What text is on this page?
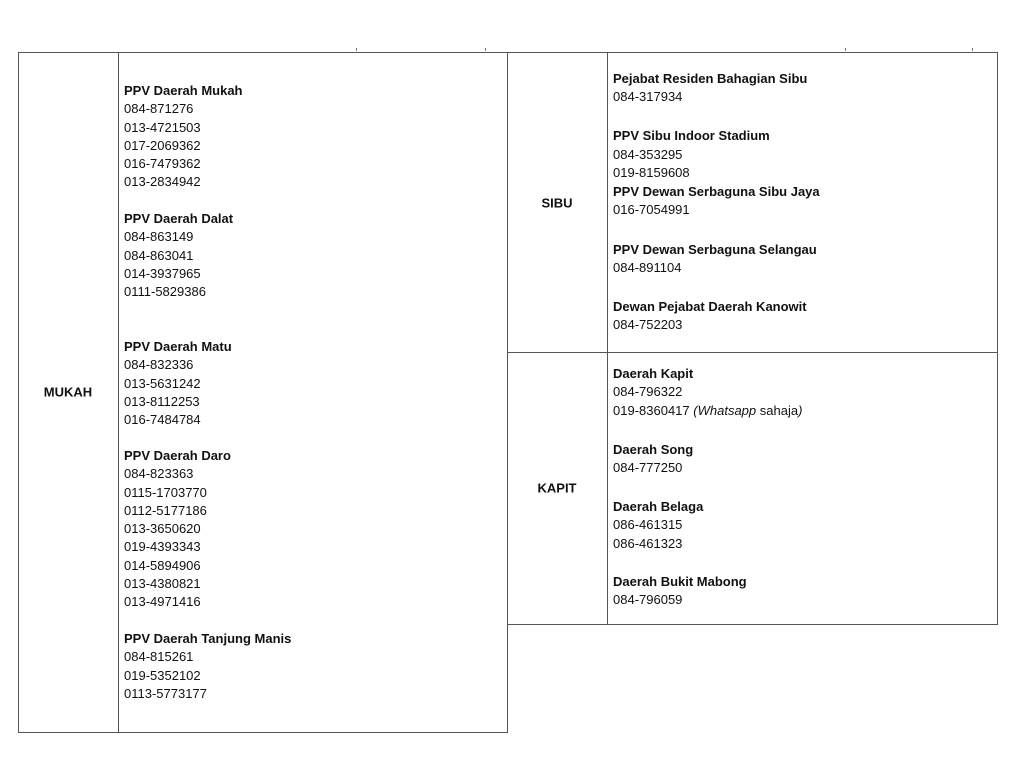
MUKAH
PPV Daerah Mukah
084-871276
013-4721503
017-2069362
016-7479362
013-2834942
PPV Daerah Dalat
084-863149
084-863041
014-3937965
0111-5829386
PPV Daerah Matu
084-832336
013-5631242
013-8112253
016-7484784
PPV Daerah Daro
084-823363
0115-1703770
0112-5177186
013-3650620
019-4393343
014-5894906
013-4380821
013-4971416
PPV Daerah Tanjung Manis
084-815261
019-5352102
0113-5773177
SIBU
KAPIT
Pejabat Residen Bahagian Sibu
084-317934
PPV Sibu Indoor Stadium
084-353295
019-8159608
PPV Dewan Serbaguna Sibu Jaya
016-7054991
PPV Dewan Serbaguna Selangau
084-891104
Dewan Pejabat Daerah Kanowit
084-752203
Daerah Kapit
084-796322
019-8360417 (Whatsapp sahaja)
Daerah Song
084-777250
Daerah Belaga
086-461315
086-461323
Daerah Bukit Mabong
084-796059
